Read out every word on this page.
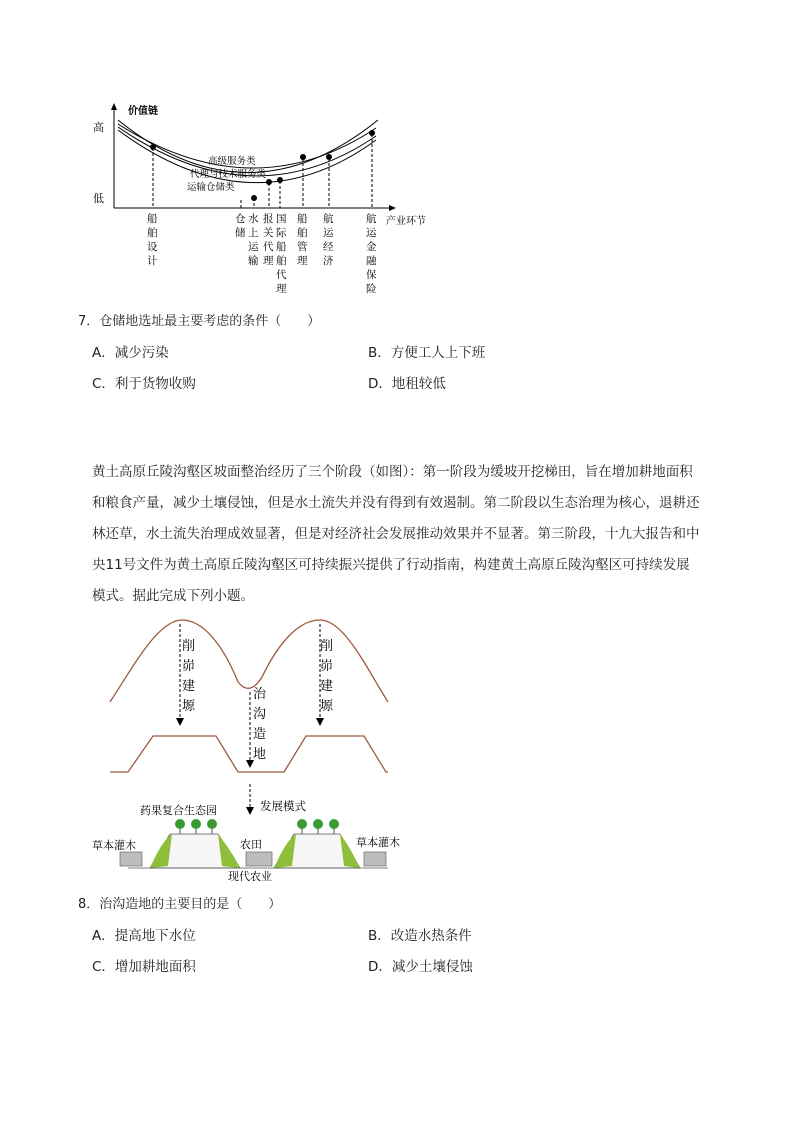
价值链
高
低
产业环节
高级服务类
代理与技术服务类
运输仓储类
船
舶
设
计
仓
储
水
上
运
输
报
关
代
理
国
际
船
舶
代
理
船
舶
管
理
航
运
经
济
航
运
金
融
保
险
7．仓储地选址最主要考虑的条件（　　）
A．减少污染	B．方便工人上下班
C．利于货物收购	D．地租较低
黄土高原丘陵沟壑区坡面整治经历了三个阶段（如图）：第一阶段为缓坡开挖梯田，旨在增加耕地面积
和粮食产量，减少土壤侵蚀，但是水土流失并没有得到有效遏制。第二阶段以生态治理为核心，退耕还
林还草，水土流失治理成效显著，但是对经济社会发展推动效果并不显著。第三阶段，十九大报告和中
央11号文件为黄土高原丘陵沟壑区可持续振兴提供了行动指南，构建黄土高原丘陵沟壑区可持续发展
模式。据此完成下列小题。
削
峁
建
塬
治
沟
造
地
削
峁
建
塬
发展模式
药果复合生态园
草本灌木	农田	草本灌木
现代农业
8．治沟造地的主要目的是（　　）
A．提高地下水位	B．改造水热条件
C．增加耕地面积	D．减少土壤侵蚀
